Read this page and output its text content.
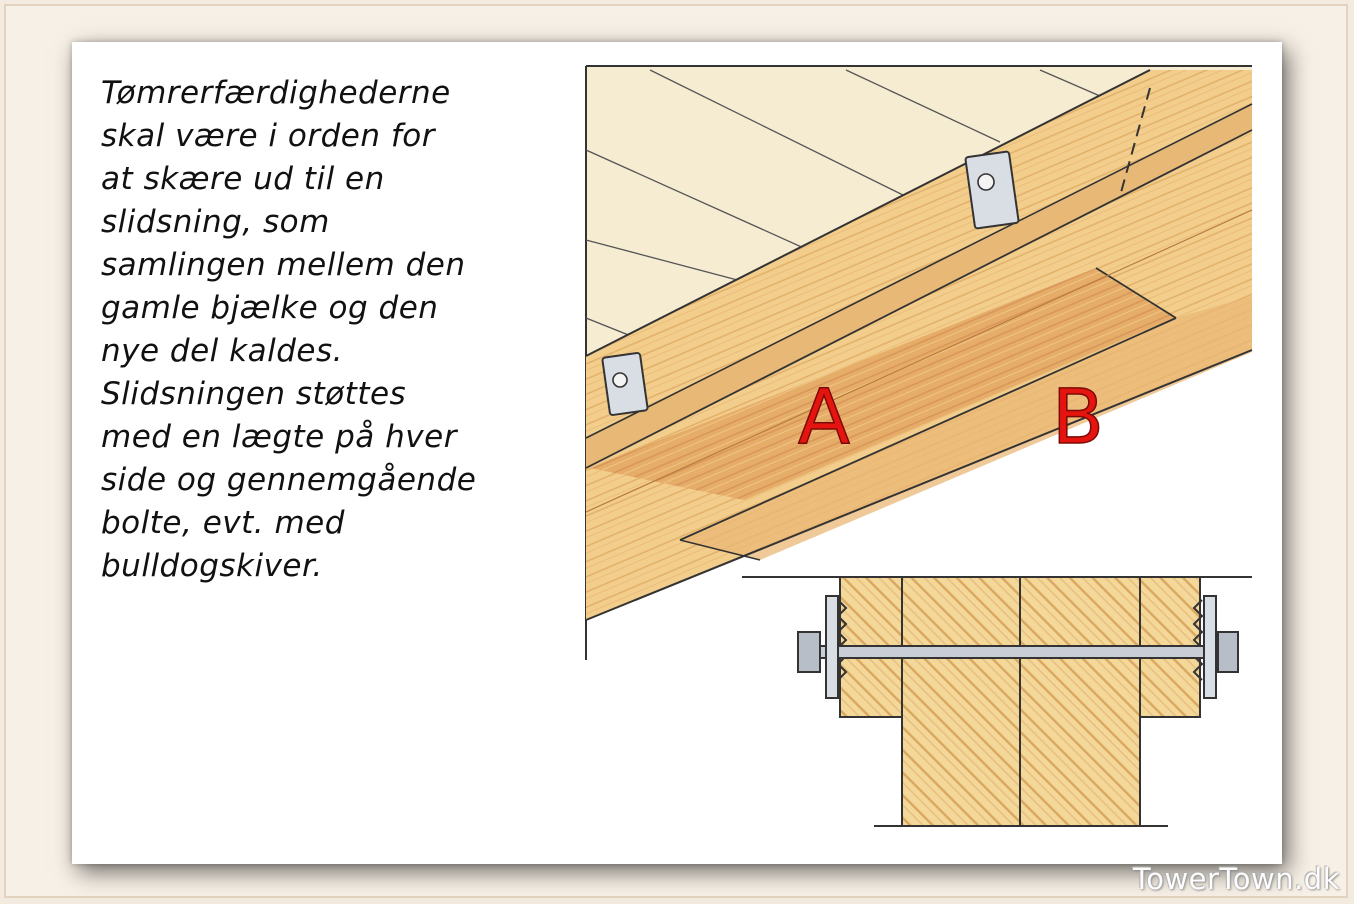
Tømrerfærdighederne
skal være i orden for
at skære ud til en
slidsning, som
samlingen mellem den
gamle bjælke og den
nye del kaldes.
Slidsningen støttes
med en lægte på hver
side og gennemgående
bolte, evt. med
bulldogskiver.
A	B
TowerTown.dk
